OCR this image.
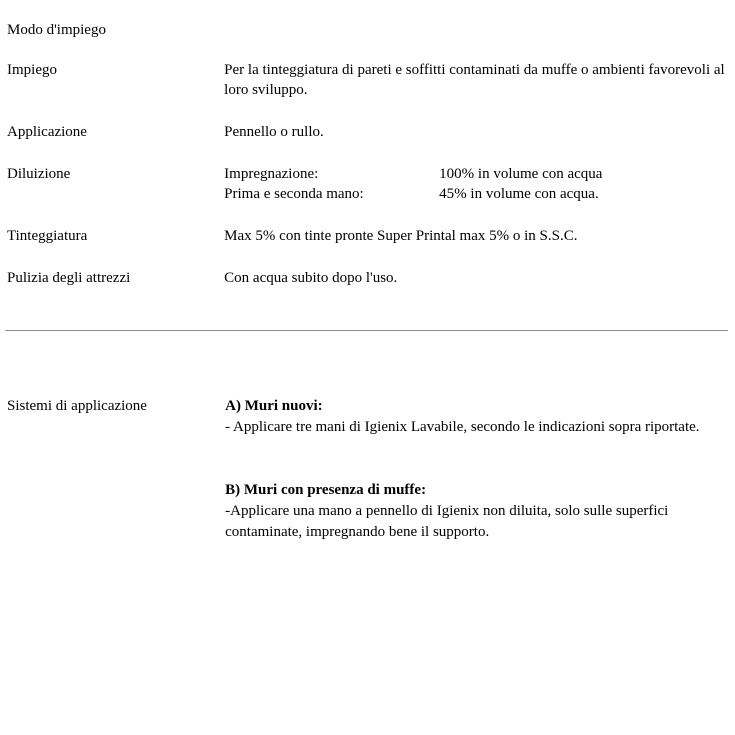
Modo d'impiego
Impiego	Per la tinteggiatura di pareti e soffitti contaminati da muffe o ambienti favorevoli al loro sviluppo.

Applicazione	Pennello o rullo.

Diluizione		Impregnazione:	100% in volume con acqua
Prima e seconda mano:	45% in volume con acqua.

Tinteggiatura	Max 5% con tinte pronte Super Printal max 5% o in S.S.C.

Pulizia degli attrezzi	Con acqua subito dopo l'uso.
Sistemi di applicazione	A) Muri nuovi:
- Applicare tre mani di Igienix Lavabile, secondo le indicazioni sopra riportate.
B) Muri con presenza di muffe:
-Applicare una mano a pennello di Igienix non diluita, solo sulle superfici contaminate, impregnando bene il supporto.
